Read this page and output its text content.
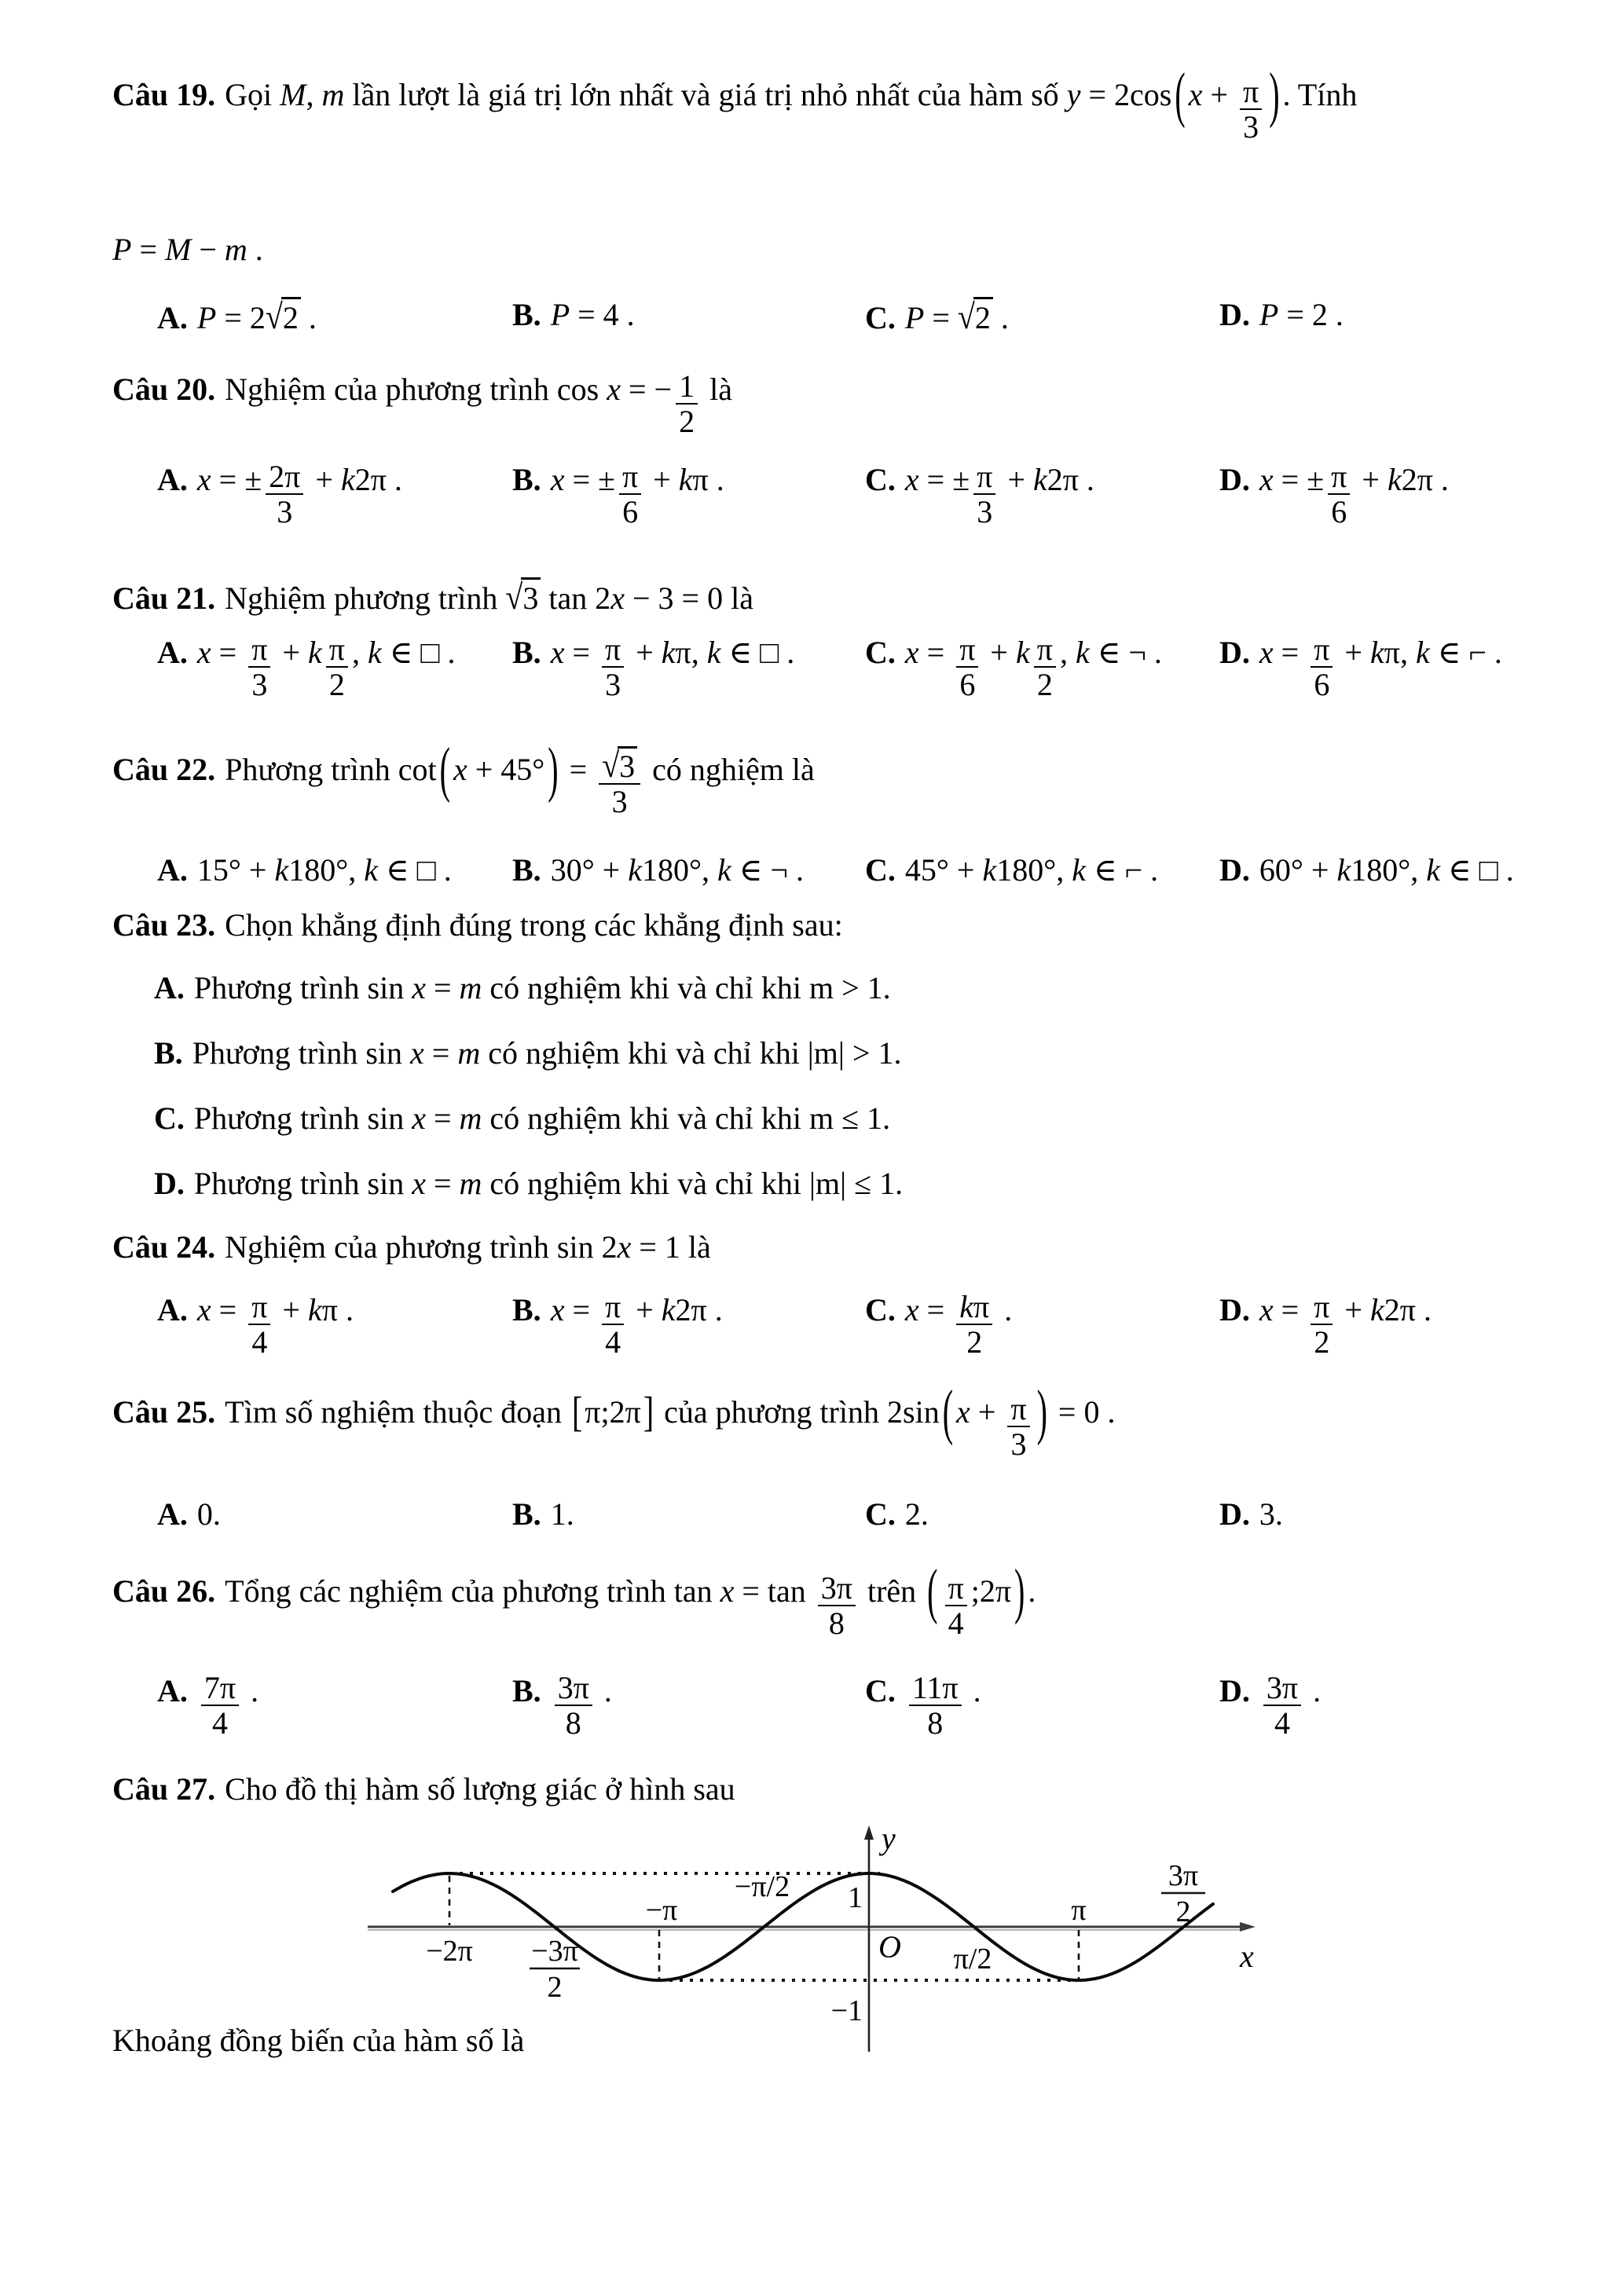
Câu 19. Gọi M, m lần lượt là giá trị lớn nhất và giá trị nhỏ nhất của hàm số y = 2cos ( $x + \frac{\pi}{3}$ ) . Tính
P = M − m .
A. P = 2√2 .	B. P = 4 .	C. P = √2 .	D. P = 2 .
Câu 20. Nghiệm của phương trình cos x = − $\frac{1}{2}$ là
A. x = ± $\frac{2\pi}{3} + k2\pi$ .	B. x = ± $\frac{\pi}{6} + k\pi$ .	C. x = ± $\frac{\pi}{3} + k2\pi$ .	D. x = ± $\frac{\pi}{6} + k2\pi$ .
Câu 21. Nghiệm phương trình √3 tan 2x − 3 = 0 là
A. $x = \frac{\pi}{3} + k \frac{\pi}{2}$ , k ∈ □ . B. $x = \frac{\pi}{3} + k\pi$, k ∈ □ . C. $x = \frac{\pi}{6} + k \frac{\pi}{2}$ , k ∈ ¬ . D. $x = \frac{\pi}{6} + k\pi$, k ∈ ⌐ .
Câu 22. Phương trình cot ( x + 45° ) = $\frac{√3}{3}$ có nghiệm là
A. 15° + k180°, k ∈ □ . B. 30° + k180°, k ∈ ¬ . C. 45° + k180°, k ∈ ⌐ . D. 60° + k180°, k ∈ □ .
Câu 23. Chọn khẳng định đúng trong các khẳng định sau:
A. Phương trình sin x = m có nghiệm khi và chỉ khi m > 1.
B. Phương trình sin x = m có nghiệm khi và chỉ khi |m| > 1.
C. Phương trình sin x = m có nghiệm khi và chỉ khi m ≤ 1.
D. Phương trình sin x = m có nghiệm khi và chỉ khi |m| ≤ 1.
Câu 24. Nghiệm của phương trình sin 2x = 1 là
A. $x = \frac{\pi}{4} + k\pi$ .	B. $x = \frac{\pi}{4} + k2\pi$ .	C. $x = \frac{k\pi}{2}$ .	D. $x = \frac{\pi}{2} + k2\pi$ .
Câu 25. Tìm số nghiệm thuộc đoạn [π;2π] của phương trình 2sin ( $x + \frac{\pi}{3}$ ) = 0 .
A. 0.	B. 1.	C. 2.	D. 3.
Câu 26. Tổng các nghiệm của phương trình $\tan x = \tan \frac{3\pi}{8}$ trên ( $\frac{\pi}{4}$ ;2π ) .
A. $\frac{7\pi}{4}$ .	B. $\frac{3\pi}{8}$ .	C. $\frac{11\pi}{8}$ .	D. $\frac{3\pi}{4}$ .
Câu 27. Cho đồ thị hàm số lượng giác ở hình sau
y
x
O
1
−1
−2π −3π
2
−π
−π/2
π/2
π
3π
2
Khoảng đồng biến của hàm số là
